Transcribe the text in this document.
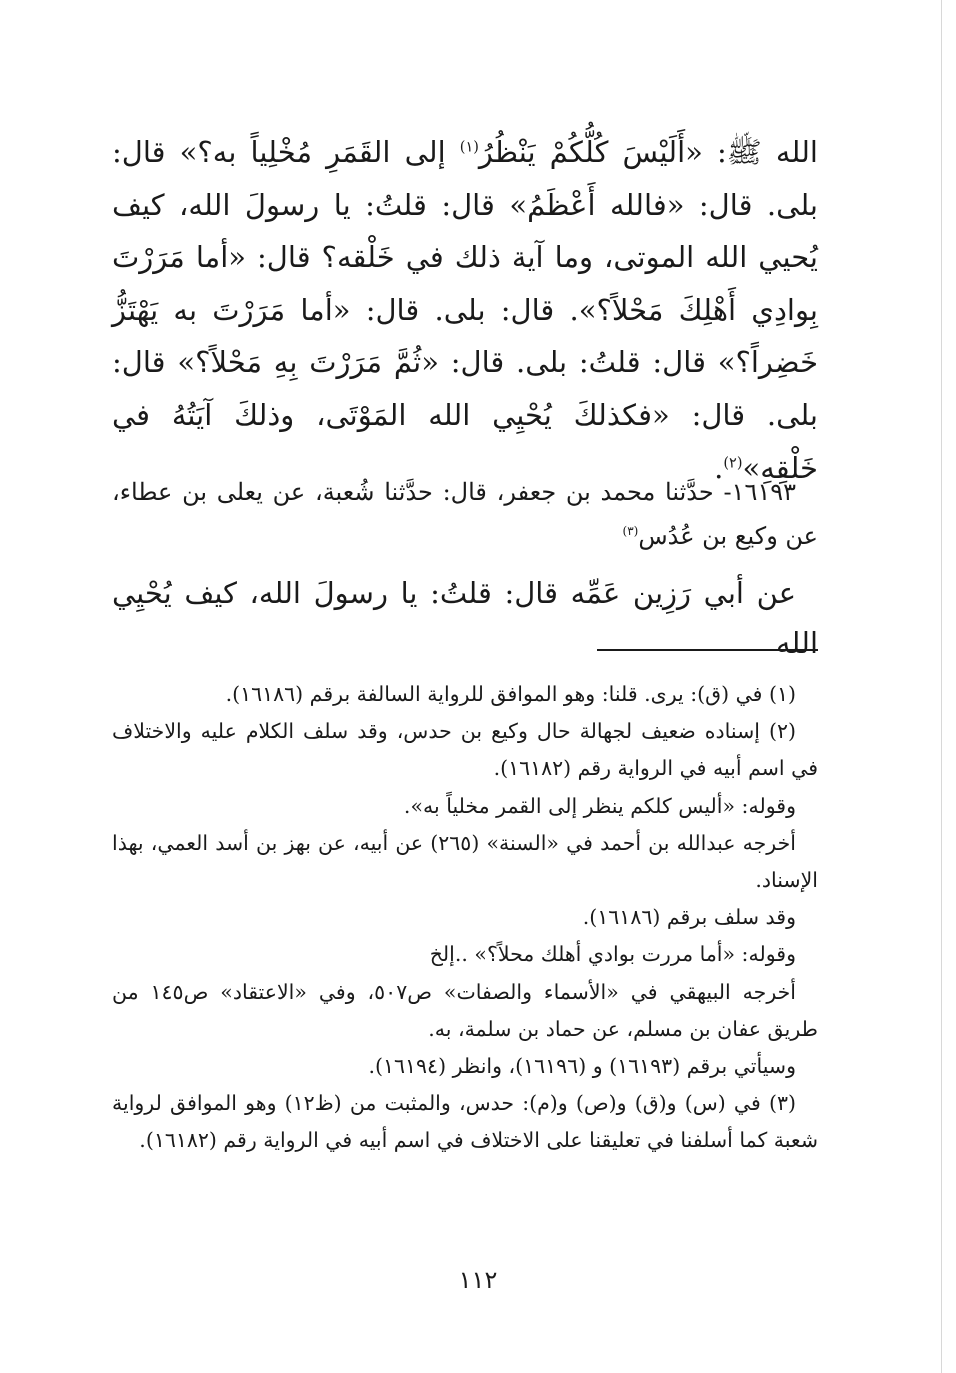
الله ﷺ: «أَلَيْسَ كُلُّكُمْ يَنْظُرُ$^{(١)}$ إلى القَمَرِ مُخْلِياً به؟» قال: بلى. قال: «فالله أَعْظَمُ» قال: قلتُ: يا رسولَ الله، كيف يُحيي الله الموتى، وما آية ذلك في خَلْقه؟ قال: «أما مَرَرْتَ بِوادِي أَهْلِكَ مَحْلاً؟». قال: بلى. قال: «أما مَرَرْتَ به يَهْتَزُّ خَضِراً؟» قال: قلتُ: بلى. قال: «ثُمَّ مَرَرْتَ بِهِ مَحْلاً؟» قال: بلى. قال: «فكذلكَ يُحْيِي الله المَوْتَى، وذلكَ آيَتُهُ في خَلْقِهِ»$^{(٢)}$.
١٦١٩٣- حدَّثنا محمد بن جعفر، قال: حدَّثنا شُعبة، عن يعلى بن عطاء، عن وكيع بن عُدُس$^{(٣)}$
عن أبي رَزِين عَمِّه قال: قلتُ: يا رسولَ الله، كيف يُحْيِي الله

(١) في (ق): يرى. قلنا: وهو الموافق للرواية السالفة برقم (١٦١٨٦).

(٢) إسناده ضعيف لجهالة حال وكيع بن حدس، وقد سلف الكلام عليه والاختلاف في اسم أبيه في الرواية رقم (١٦١٨٢).

وقوله: «أليس كلكم ينظر إلى القمر مخلياً به».

أخرجه عبدالله بن أحمد في «السنة» (٢٦٥) عن أبيه، عن بهز بن أسد العمي، بهذا الإسناد.

وقد سلف برقم (١٦١٨٦).

وقوله: «أما مررت بوادي أهلك محلاً؟» ..إلخ

أخرجه البيهقي في «الأسماء والصفات» ص٥٠٧، وفي «الاعتقاد» ص١٤٥ من طريق عفان بن مسلم، عن حماد بن سلمة، به.

وسيأتي برقم (١٦١٩٣) و (١٦١٩٦)، وانظر (١٦١٩٤).

(٣) في (س) و(ق) و(ص) و(م): حدس، والمثبت من (ظ١٢) وهو الموافق لرواية شعبة كما أسلفنا في تعليقنا على الاختلاف في اسم أبيه في الرواية رقم (١٦١٨٢).

١١٢
